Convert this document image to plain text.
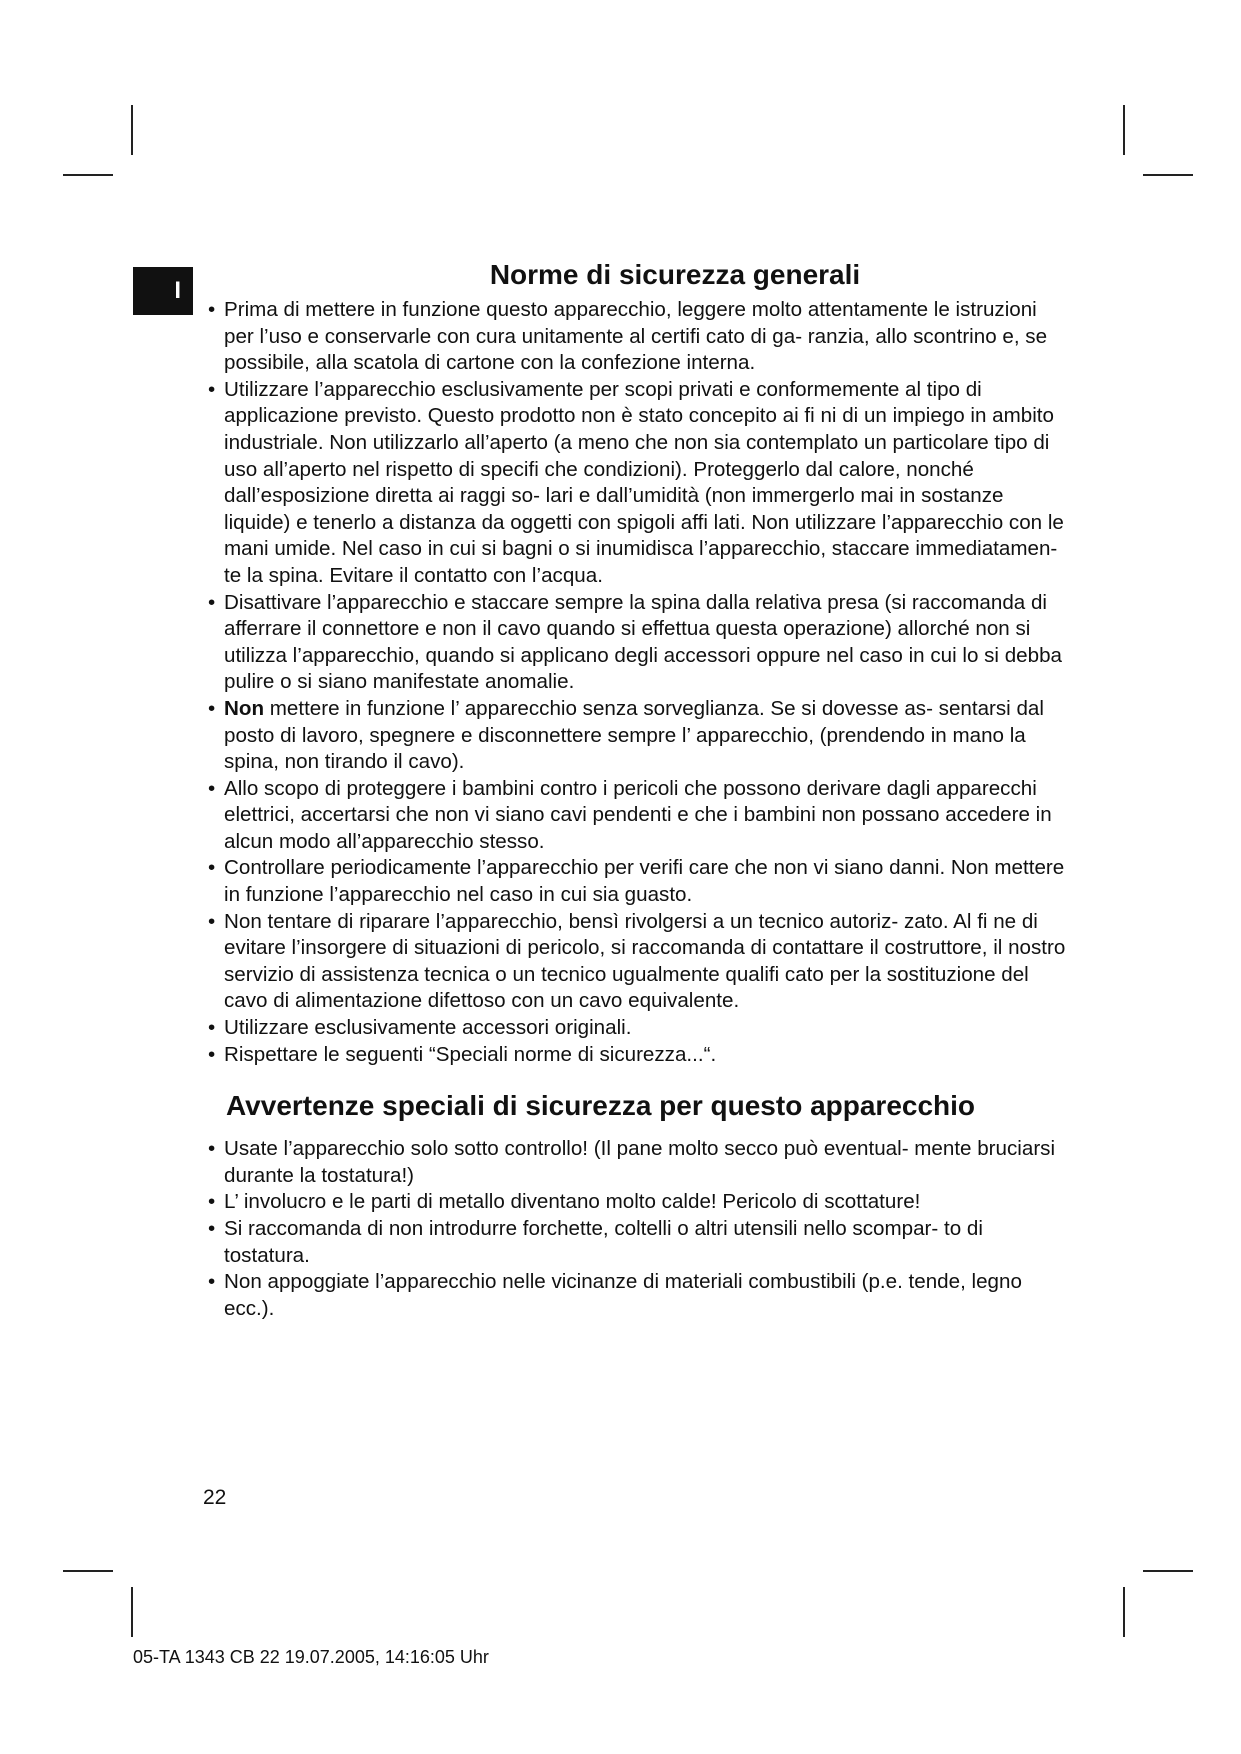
I
Norme di sicurezza generali
• Prima di mettere in funzione questo apparecchio, leggere molto attentamente le istruzioni per l’uso e conservarle con cura unitamente al certifi cato di ga- ranzia, allo scontrino e, se possibile, alla scatola di cartone con la confezione interna.
• Utilizzare l’apparecchio esclusivamente per scopi privati e conformemente al tipo di applicazione previsto. Questo prodotto non è stato concepito ai fi ni di un impiego in ambito industriale. Non utilizzarlo all’aperto (a meno che non sia contemplato un particolare tipo di uso all’aperto nel rispetto di specifi che condizioni). Proteggerlo dal calore, nonché dall’esposizione diretta ai raggi so- lari e dall’umidità (non immergerlo mai in sostanze liquide) e tenerlo a distanza da oggetti con spigoli affi lati. Non utilizzare l’apparecchio con le mani umide. Nel caso in cui si bagni o si inumidisca l’apparecchio, staccare immediatamen- te la spina. Evitare il contatto con l’acqua.
• Disattivare l’apparecchio e staccare sempre la spina dalla relativa presa (si raccomanda di afferrare il connettore e non il cavo quando si effettua questa operazione) allorché non si utilizza l’apparecchio, quando si applicano degli accessori oppure nel caso in cui lo si debba pulire o si siano manifestate anomalie.
• Non mettere in funzione l’ apparecchio senza sorveglianza. Se si dovesse as- sentarsi dal posto di lavoro, spegnere e disconnettere sempre l’ apparecchio, (prendendo in mano la spina, non tirando il cavo).
• Allo scopo di proteggere i bambini contro i pericoli che possono derivare dagli apparecchi elettrici, accertarsi che non vi siano cavi pendenti e che i bambini non possano accedere in alcun modo all’apparecchio stesso.
• Controllare periodicamente l’apparecchio per verifi care che non vi siano danni. Non mettere in funzione l’apparecchio nel caso in cui sia guasto.
• Non tentare di riparare l’apparecchio, bensì rivolgersi a un tecnico autoriz- zato. Al fi ne di evitare l’insorgere di situazioni di pericolo, si raccomanda di contattare il costruttore, il nostro servizio di assistenza tecnica o un tecnico ugualmente qualifi cato per la sostituzione del cavo di alimentazione difettoso con un cavo equivalente.
• Utilizzare esclusivamente accessori originali.
• Rispettare le seguenti “Speciali norme di sicurezza...“.
Avvertenze speciali di sicurezza per questo apparecchio
• Usate l’apparecchio solo sotto controllo! (Il pane molto secco può eventual- mente bruciarsi durante la tostatura!)
• L’ involucro e le parti di metallo diventano molto calde! Pericolo di scottature!
• Si raccomanda di non introdurre forchette, coltelli o altri utensili nello scompar- to di tostatura.
• Non appoggiate l’apparecchio nelle vicinanze di materiali combustibili (p.e. tende, legno ecc.).
22
05-TA 1343 CB 22 19.07.2005, 14:16:05 Uhr
